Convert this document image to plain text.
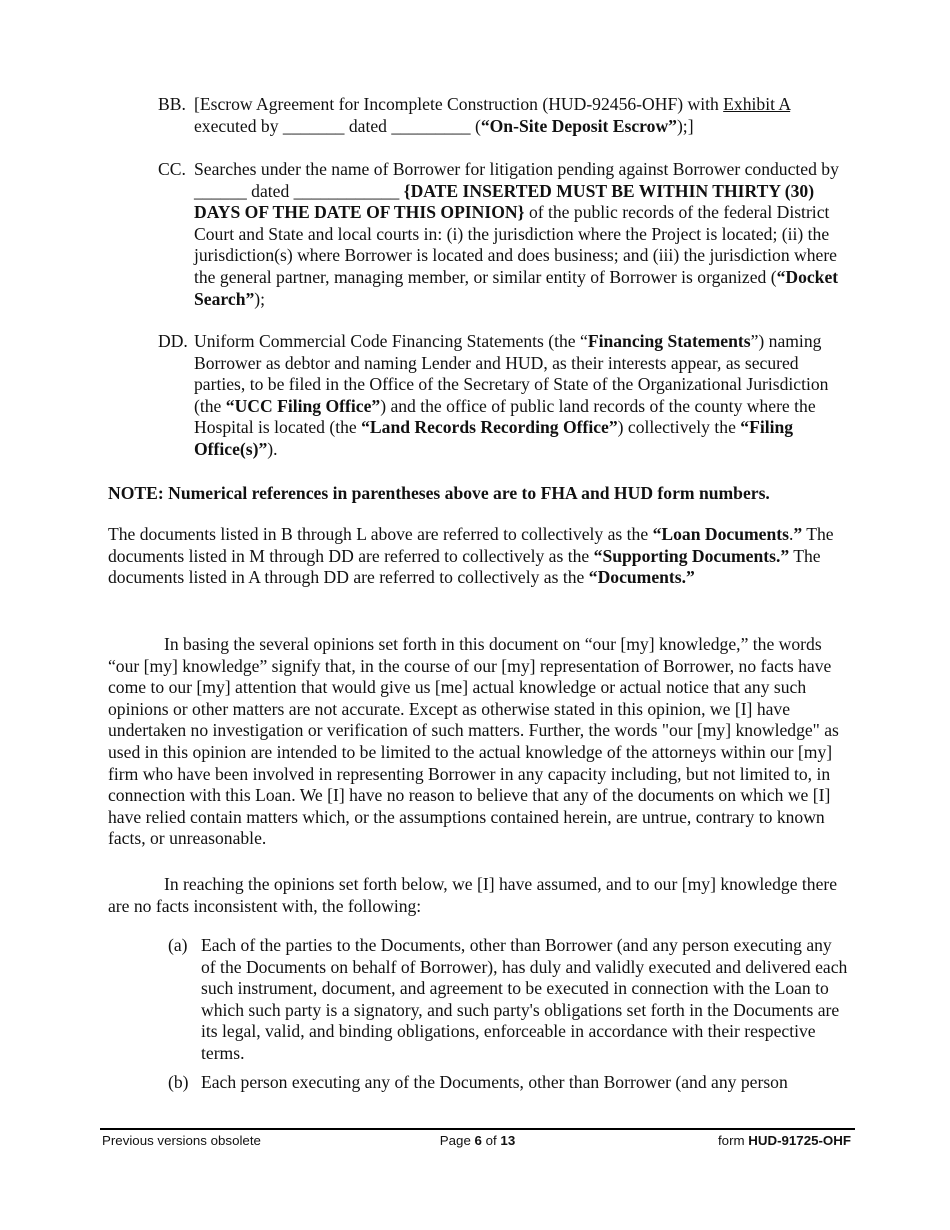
BB. [Escrow Agreement for Incomplete Construction (HUD-92456-OHF) with Exhibit A executed by _______ dated _________ (“On-Site Deposit Escrow”);]

CC. Searches under the name of Borrower for litigation pending against Borrower conducted by ______ dated ____________ {DATE INSERTED MUST BE WITHIN THIRTY (30) DAYS OF THE DATE OF THIS OPINION} of the public records of the federal District Court and State and local courts in: (i) the jurisdiction where the Project is located; (ii) the jurisdiction(s) where Borrower is located and does business; and (iii) the jurisdiction where the general partner, managing member, or similar entity of Borrower is organized (“Docket Search”);

DD. Uniform Commercial Code Financing Statements (the “Financing Statements”) naming Borrower as debtor and naming Lender and HUD, as their interests appear, as secured parties, to be filed in the Office of the Secretary of State of the Organizational Jurisdiction (the “UCC Filing Office”) and the office of public land records of the county where the Hospital is located (the “Land Records Recording Office”) collectively the “Filing Office(s)”).

NOTE: Numerical references in parentheses above are to FHA and HUD form numbers.

The documents listed in B through L above are referred to collectively as the “Loan Documents.” The documents listed in M through DD are referred to collectively as the “Supporting Documents.” The documents listed in A through DD are referred to collectively as the “Documents.”

In basing the several opinions set forth in this document on “our [my] knowledge,” the words “our [my] knowledge” signify that, in the course of our [my] representation of Borrower, no facts have come to our [my] attention that would give us [me] actual knowledge or actual notice that any such opinions or other matters are not accurate. Except as otherwise stated in this opinion, we [I] have undertaken no investigation or verification of such matters. Further, the words "our [my] knowledge" as used in this opinion are intended to be limited to the actual knowledge of the attorneys within our [my] firm who have been involved in representing Borrower in any capacity including, but not limited to, in connection with this Loan. We [I] have no reason to believe that any of the documents on which we [I] have relied contain matters which, or the assumptions contained herein, are untrue, contrary to known facts, or unreasonable.

In reaching the opinions set forth below, we [I] have assumed, and to our [my] knowledge there are no facts inconsistent with, the following:

(a) Each of the parties to the Documents, other than Borrower (and any person executing any of the Documents on behalf of Borrower), has duly and validly executed and delivered each such instrument, document, and agreement to be executed in connection with the Loan to which such party is a signatory, and such party's obligations set forth in the Documents are its legal, valid, and binding obligations, enforceable in accordance with their respective terms.

(b) Each person executing any of the Documents, other than Borrower (and any person

Previous versions obsolete	Page 6 of 13	form HUD-91725-OHF
